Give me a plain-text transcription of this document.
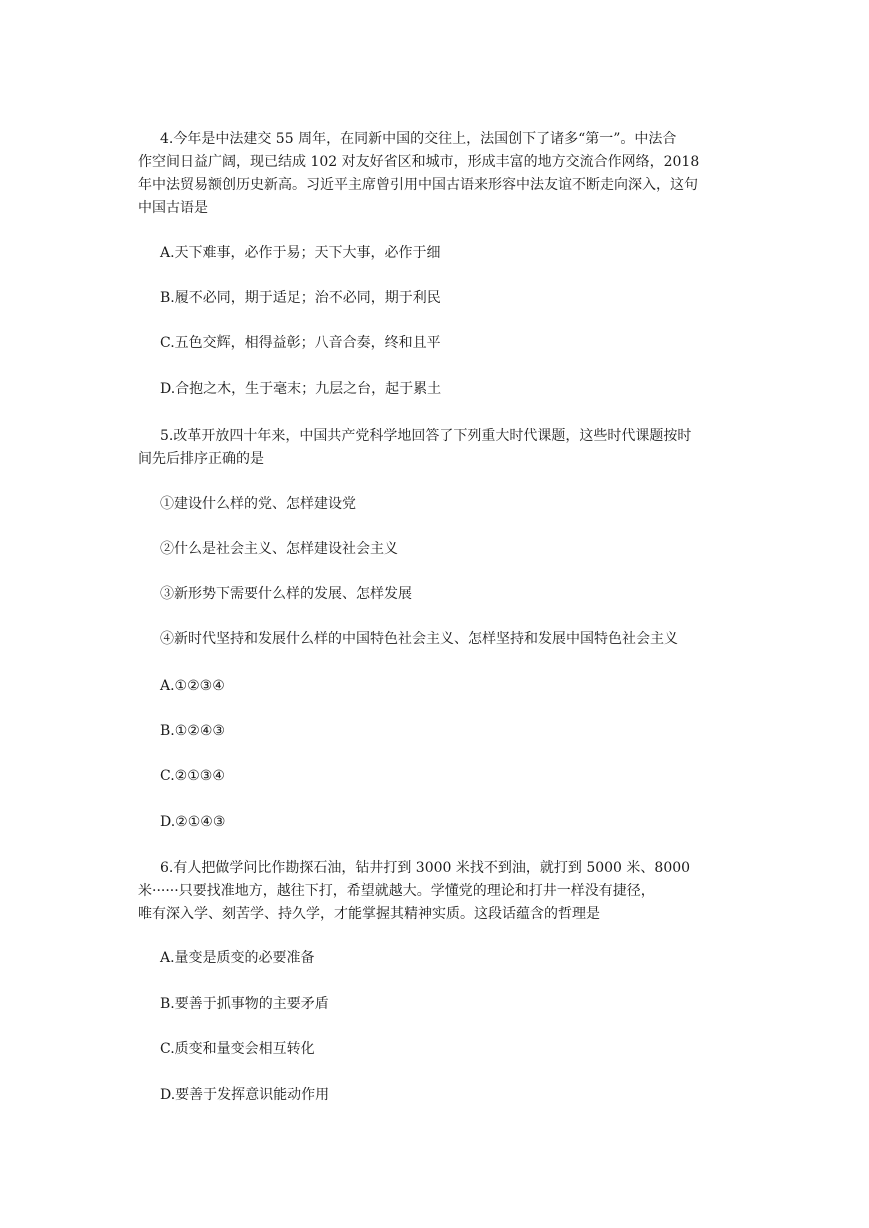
4.今年是中法建交 55 周年，在同新中国的交往上，法国创下了诸多“第一”。中法合
作空间日益广阔，现已结成 102 对友好省区和城市，形成丰富的地方交流合作网络，2018
年中法贸易额创历史新高。习近平主席曾引用中国古语来形容中法友谊不断走向深入，这句
中国古语是
A.天下难事，必作于易；天下大事，必作于细
B.履不必同，期于适足；治不必同，期于利民
C.五色交辉，相得益彰；八音合奏，终和且平
D.合抱之木，生于毫末；九层之台，起于累土
5.改革开放四十年来，中国共产党科学地回答了下列重大时代课题，这些时代课题按时
间先后排序正确的是
①建设什么样的党、怎样建设党
②什么是社会主义、怎样建设社会主义
③新形势下需要什么样的发展、怎样发展
④新时代坚持和发展什么样的中国特色社会主义、怎样坚持和发展中国特色社会主义
A.①②③④
B.①②④③
C.②①③④
D.②①④③
6.有人把做学问比作勘探石油，钻井打到 3000 米找不到油，就打到 5000 米、8000
米······只要找准地方，越往下打，希望就越大。学懂党的理论和打井一样没有捷径，
唯有深入学、刻苦学、持久学，才能掌握其精神实质。这段话蕴含的哲理是
A.量变是质变的必要准备
B.要善于抓事物的主要矛盾
C.质变和量变会相互转化
D.要善于发挥意识能动作用
